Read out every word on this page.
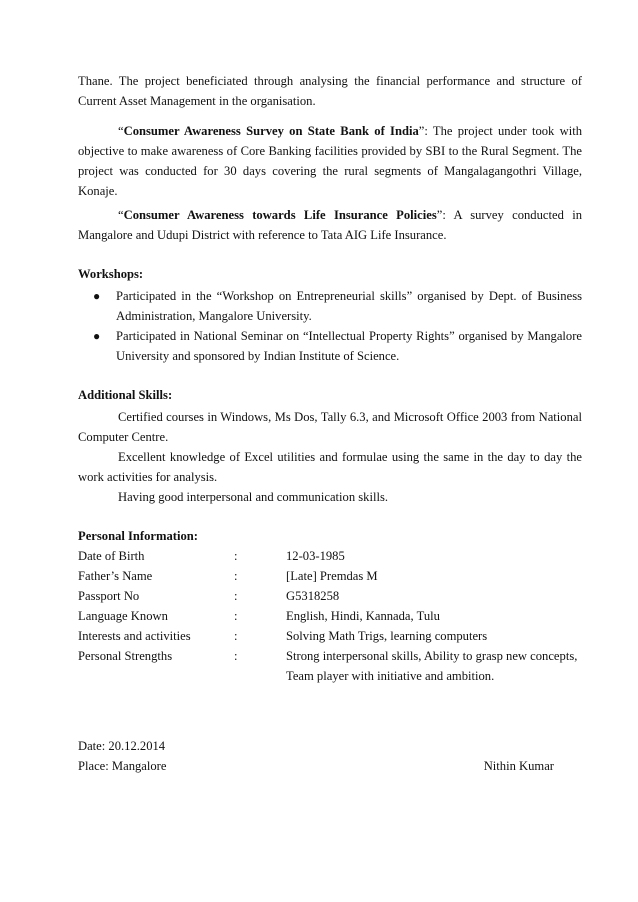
Thane. The project beneficiated through analysing the financial performance and structure of Current Asset Management in the organisation.

“Consumer Awareness Survey on State Bank of India”: The project under took with objective to make awareness of Core Banking facilities provided by SBI to the Rural Segment. The project was conducted for 30 days covering the rural segments of Mangalagangothri Village, Konaje.

“Consumer Awareness towards Life Insurance Policies”: A survey conducted in Mangalore and Udupi District with reference to Tata AIG Life Insurance.

Workshops:
● Participated in the “Workshop on Entrepreneurial skills” organised by Dept. of Business Administration, Mangalore University.
● Participated in National Seminar on “Intellectual Property Rights” organised by Mangalore University and sponsored by Indian Institute of Science.
Additional Skills:

Certified courses in Windows, Ms Dos, Tally 6.3, and Microsoft Office 2003 from National Computer Centre.

Excellent knowledge of Excel utilities and formulae using the same in the day to day the work activities for analysis.

Having good interpersonal and communication skills.

Personal Information:
Date of Birth	:	12-03-1985
Father’s Name	:	[Late] Premdas M
Passport No	:	G5318258
Language Known	:	English, Hindi, Kannada, Tulu
Interests and activities	:	Solving Math Trigs, learning computers
Personal Strengths	:	Strong interpersonal skills, Ability to grasp new concepts, Team player with initiative and ambition.
Date: 20.12.2014
Place: Mangalore	Nithin Kumar
